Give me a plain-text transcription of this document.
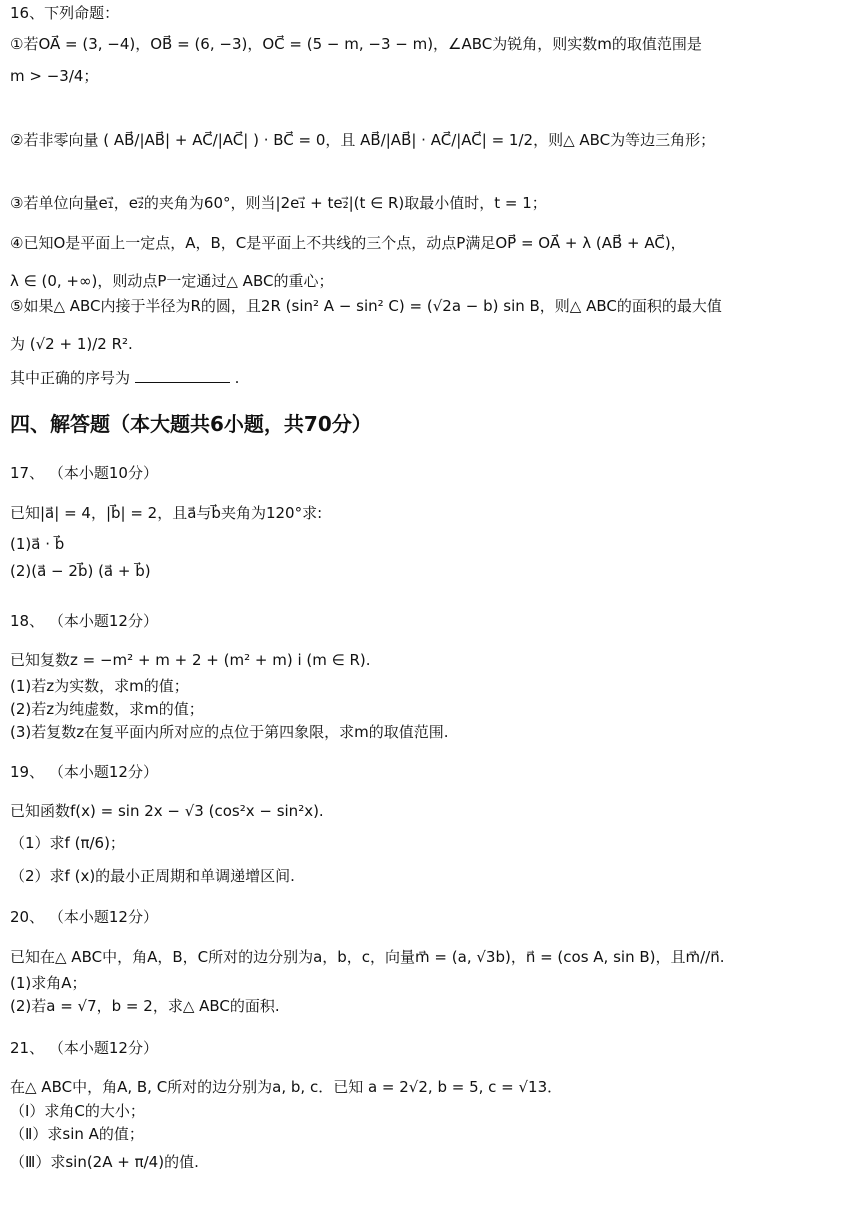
16、下列命题：
①若OA⃗ = (3, −4)，OB⃗ = (6, −3)，OC⃗ = (5 − m, −3 − m)，∠ABC为锐角，则实数m的取值范围是
m > −3/4；
②若非零向量 ( AB⃗/|AB⃗| + AC⃗/|AC⃗| ) · BC⃗ = 0，且 AB⃗/|AB⃗| · AC⃗/|AC⃗| = 1/2，则△ ABC为等边三角形；
③若单位向量e₁⃗，e₂⃗的夹角为60°，则当|2e₁⃗ + te₂⃗|(t ∈ R)取最小值时，t = 1；
④已知O是平面上一定点，A，B，C是平面上不共线的三个点，动点P满足OP⃗ = OA⃗ + λ (AB⃗ + AC⃗)，
λ ∈ (0, +∞)，则动点P一定通过△ ABC的重心；
⑤如果△ ABC内接于半径为R的圆，且2R (sin² A − sin² C) = (√2a − b) sin B，则△ ABC的面积的最大值
为 (√2 + 1)/2 R².
其中正确的序号为	.
四、解答题（本大题共6小题，共70分）
17、 （本小题10分）
已知|a⃗| = 4，|b⃗| = 2，且a⃗与b⃗夹角为120°求:
(1)a⃗ · b⃗
(2)(a⃗ − 2b⃗) (a⃗ + b⃗)
18、 （本小题12分）
已知复数z = −m² + m + 2 + (m² + m) i (m ∈ R).
(1)若z为实数，求m的值；
(2)若z为纯虚数，求m的值；
(3)若复数z在复平面内所对应的点位于第四象限，求m的取值范围.
19、 （本小题12分）
已知函数f(x) = sin 2x − √3 (cos²x − sin²x).
（1）求f (π/6)；
（2）求f (x)的最小正周期和单调递增区间.
20、 （本小题12分）
已知在△ ABC中，角A，B，C所对的边分别为a，b，c，向量m⃗ = (a, √3b)，n⃗ = (cos A, sin B)，且m⃗//n⃗.
(1)求角A；
(2)若a = √7，b = 2，求△ ABC的面积.
21、 （本小题12分）
在△ ABC中，角A, B, C所对的边分别为a, b, c．已知 a = 2√2, b = 5, c = √13．
（Ⅰ）求角C的大小；
（Ⅱ）求sin A的值；
（Ⅲ）求sin(2A + π/4)的值.
